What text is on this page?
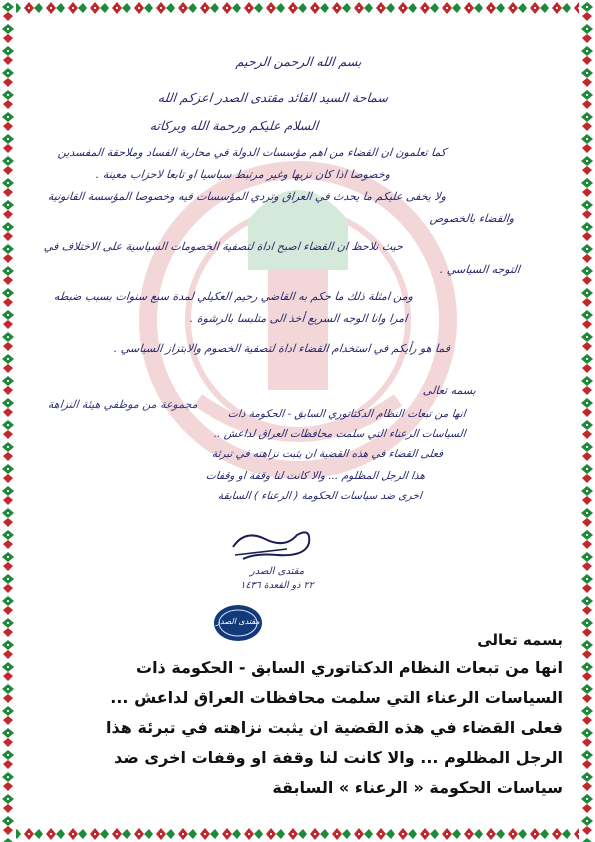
بسم الله الرحمن الرحيم
سماحة السيد القائد مقتدى الصدر اعزكم الله
السلام عليكم ورحمة الله وبركاته
كما تعلمون ان القضاء من اهم مؤسسات الدولة في محاربة الفساد وملاحقة المفسدين
وخصوصا اذا كان نزيها وغير مرتبط سياسيا او تابعا لاحزاب معينة .
ولا يخفى عليكم ما يحدث في العراق وتردي المؤسسات فيه وخصوصا المؤسسة القانونية
والقضاء بالخصوص
حيث نلاحظ ان القضاء اصبح اداة لتصفية الخصومات السياسية على الاختلاف في
التوجه السياسي .
ومن امثلة ذلك ما حكم به القاضي رحيم العكيلي لمدة سبع سنوات بسبب ضبطه
امرا وانا الوجه السريع أخذ الى متلبسا بالرشوة .
فما هو رأيكم في استخدام القضاء اداة لتصفية الخصوم والابتزاز السياسي .
مجموعة من موظفي هيئة النزاهة
بسمه تعالى
انها من تبعات النظام الدكتاتوري السابق - الحكومة ذات
السياسات الرعناء التي سلمت محافظات العراق لداعش ..
فعلى القضاء في هذه القضية ان يثبت نزاهته في تبرئة
هذا الرجل المظلوم ... والا كانت لنا وقفة او وقفات
اخرى ضد سياسات الحكومة ( الرعناء ) السابقة
مقتدى الصدر
٢٢ ذو القعدة ١٤٣٦
مقتدى الصدر
بسمه تعالى
انها من تبعات النظام الدكتاتوري السابق - الحكومة ذات
السياسات الرعناء التي سلمت محافظات العراق لداعش ...
فعلى القضاء في هذه القضية ان يثبت نزاهته في تبرئة هذا
الرجل المظلوم ... والا كانت لنا وقفة او وقفات اخرى ضد
سياسات الحكومة « الرعناء » السابقة
